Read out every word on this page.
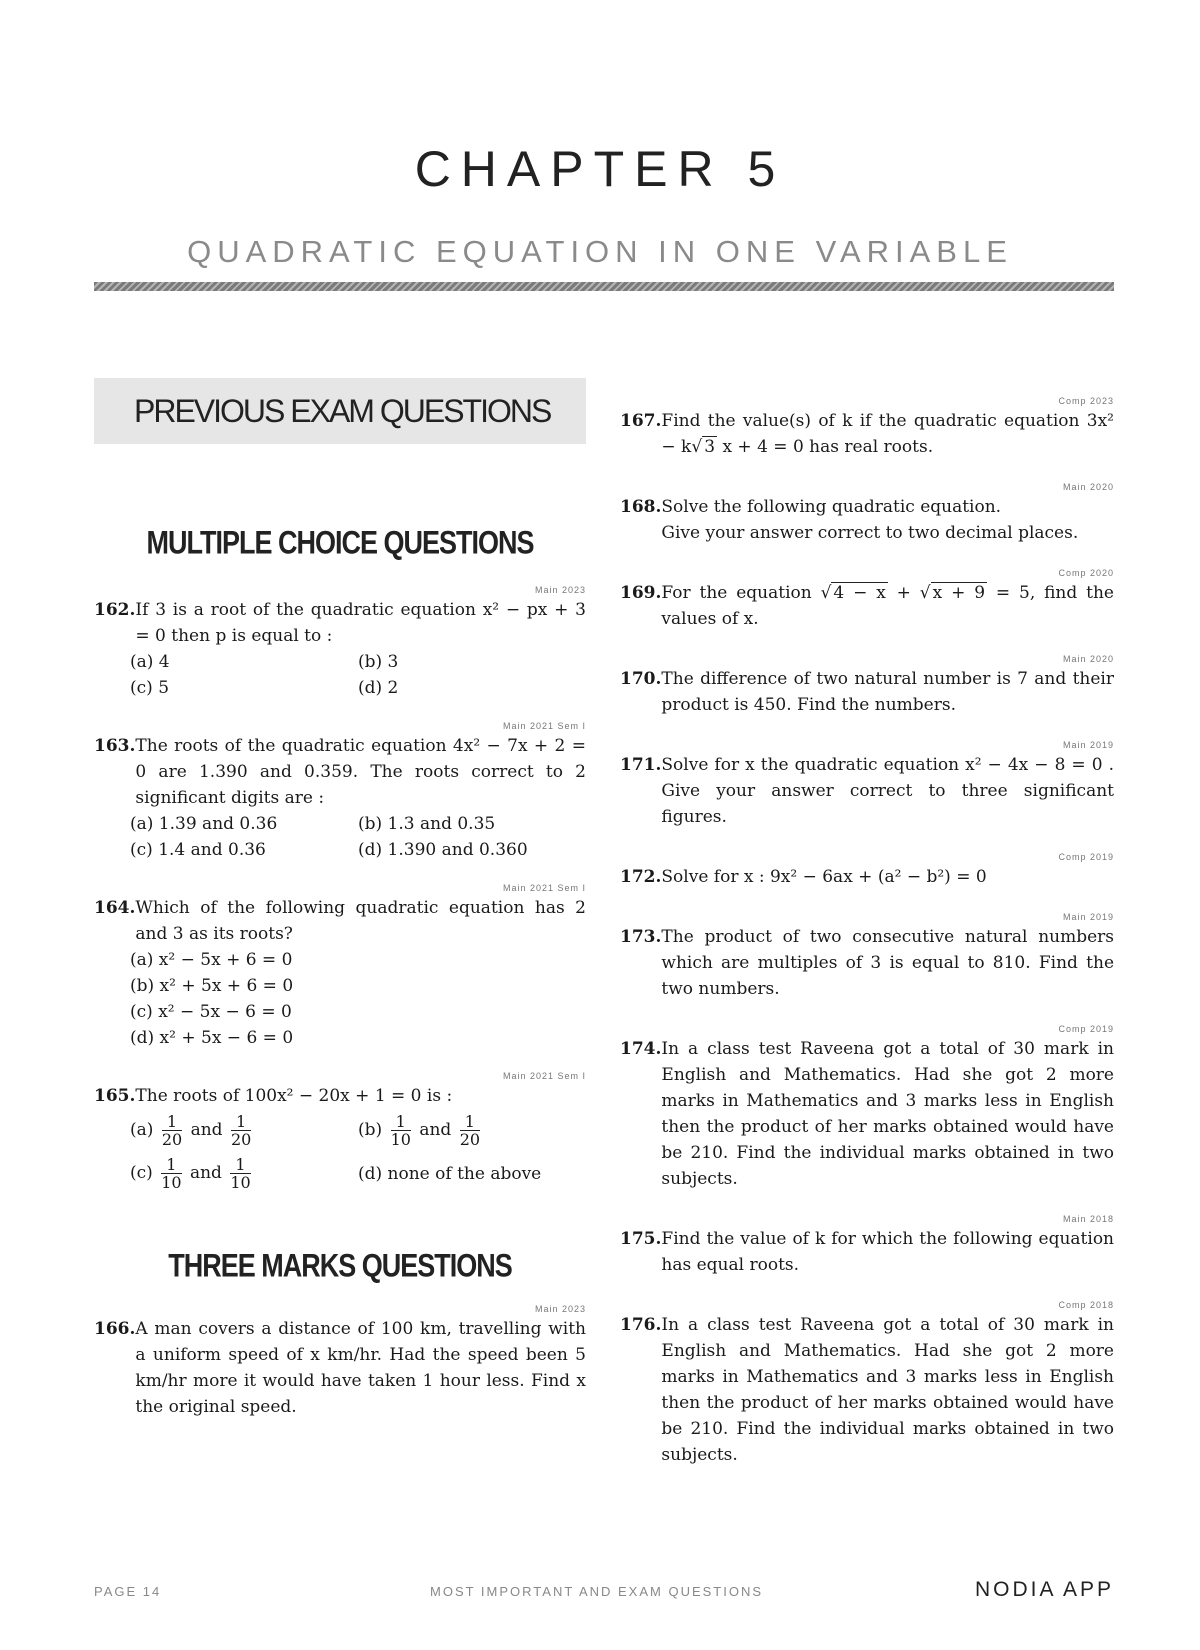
CHAPTER 5
QUADRATIC EQUATION IN ONE VARIABLE
PREVIOUS EXAM QUESTIONS
MULTIPLE CHOICE QUESTIONS
Main 2023
162. If 3 is a root of the quadratic equation x² − px + 3 = 0 then p is equal to :
(a) 4	(b) 3
(c) 5	(d) 2
Main 2021 Sem I
163. The roots of the quadratic equation 4x² − 7x + 2 = 0 are 1.390 and 0.359. The roots correct to 2 significant digits are :
(a) 1.39 and 0.36	(b) 1.3 and 0.35
(c) 1.4 and 0.36	(d) 1.390 and 0.360
Main 2021 Sem I
164. Which of the following quadratic equation has 2 and 3 as its roots?
(a) x² − 5x + 6 = 0
(b) x² + 5x + 6 = 0
(c) x² − 5x − 6 = 0
(d) x² + 5x − 6 = 0
Main 2021 Sem I
165. The roots of 100x² − 20x + 1 = 0 is :
$(a) \frac{1}{20}$ and $\frac{1}{20}$	$(b) \frac{1}{10}$ and $\frac{1}{20}$
$(c) \frac{1}{10}$ and $\frac{1}{10}$	(d) none of the above
THREE MARKS QUESTIONS
Main 2023
166. A man covers a distance of 100 km, travelling with a uniform speed of x km/hr. Had the speed been 5 km/hr more it would have taken 1 hour less. Find x the original speed.
Comp 2023
167. Find the value(s) of k if the quadratic equation 3x² − k√ 3 x + 4 = 0 has real roots.
Main 2020
168. Solve the following quadratic equation.
Give your answer correct to two decimal places.
Comp 2020
169. For the equation √ 4 − x + √ x + 9 = 5, find the values of x.
Main 2020
170. The difference of two natural number is 7 and their product is 450. Find the numbers.
Main 2019
171. Solve for x the quadratic equation x² − 4x − 8 = 0 . Give your answer correct to three significant figures.
Comp 2019
172. Solve for x : 9x² − 6ax + (a² − b²) = 0
Main 2019
173. The product of two consecutive natural numbers which are multiples of 3 is equal to 810. Find the two numbers.
Comp 2019
174. In a class test Raveena got a total of 30 mark in English and Mathematics. Had she got 2 more marks in Mathematics and 3 marks less in English then the product of her marks obtained would have be 210. Find the individual marks obtained in two subjects.
Main 2018
175. Find the value of k for which the following equation has equal roots.
Comp 2018
176. In a class test Raveena got a total of 30 mark in English and Mathematics. Had she got 2 more marks in Mathematics and 3 marks less in English then the product of her marks obtained would have be 210. Find the individual marks obtained in two subjects.
PAGE 14	MOST IMPORTANT AND EXAM QUESTIONS	NODIA APP
